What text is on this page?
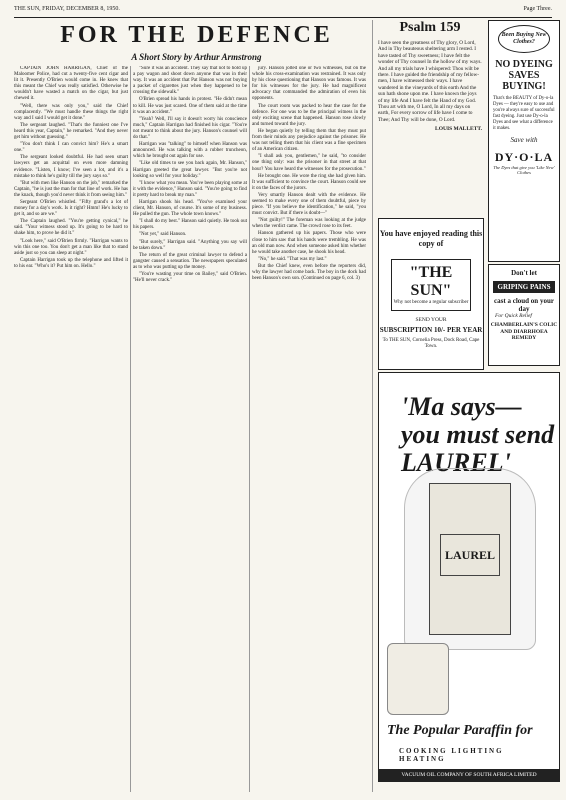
THE SUN, FRIDAY, DECEMBER 8, 1950.	Page Three.
FOR THE DEFENCE
A Short Story by Arthur Armstrong

CAPTAIN JOHN HARRIGAN, Chief of the Maloomer Police, had cut a twenty-five cent cigar and lit it. Presently O'Brien would come in. He knew that this meant the Chief was really satisfied. Otherwise he wouldn't have wasted a match on the cigar, but just chewed it.

"Well, there was only you," said the Chief complacently. "We must handle these things the right way and I said I would get it done."

The sergeant laughed. "That's the funniest one I've heard this year, Captain," he remarked. "And they never get him without guessing."

"You don't think I can convict him? He's a smart one."

The sergeant looked doubtful. He had seen smart lawyers get an acquittal on even more damning evidence. "Listen, I know; I've seen a lot, and it's a mistake to think he's guilty till the jury says so."

"But with men like Hanson on the job," remarked the Captain, "he is just the man for that line of work. He has the knack, though you'd never think it from seeing him."

Sergeant O'Brien whistled. "Fifty grand's a lot of money for a day's work. Is it right? Hmm! He's lucky to get it, and so are we."

The Captain laughed. "You're getting cynical," he said. "Your witness stood up. It's going to be hard to shake him, to prove he did it."

"Look here," said O'Brien firmly. "Harrigan wants to win this one too. You don't get a man like that to stand aside just so you can sleep at night."

Captain Harrigan took up the telephone and lifted it to his ear. "Who's it? Put him on. Hello."

"Sure it was an accident. They say that not to hold up a pay wagon and shoot down anyone that was in their way. It was an accident that Pat Hanson was not buying a packet of cigarettes just when they happened to be crossing the sidewalk."

O'Brien spread his hands in protest. "He didn't mean to kill. He was just scared. One of them said at the time it was an accident."

"Yeah? Well, I'll say it doesn't worry his conscience much," Captain Harrigan had finished his cigar. "You're not meant to think about the jury. Hanson's counsel will do that."

Harrigan was "talking" to himself when Hanson was announced. He was talking with a rubber truncheon, which he brought out again for use.

"Like old times to see you back again, Mr. Hanson," Harrigan greeted the great lawyer. "But you're not looking so well for your holiday."

"I know what you mean. You've been playing some at it with the evidence," Hanson said. "You're going to find it pretty hard to break my man."

Harrigan shook his head. "You've examined your client, Mr. Hanson, of course. It's some of my business. He pulled the gun. The whole town knows."

"I shall do my best." Hanson said quietly. He took out his papers.

"Not yet," said Hanson.

"But surely," Harrigan said. "Anything you say will be taken down."

The return of the great criminal lawyer to defend a gangster caused a sensation. The newspapers speculated as to who was putting up the money.

"You're wasting your time on Bailey," said O'Brien. "He'll never crack."

jury. Hanson jolted one or two witnesses, but on the whole his cross-examination was restrained. It was only by his close questioning that Hanson was famous. It was for his witnesses for the jury. He had magnificent advocacy that commanded the admiration of even his opponents.

The court room was packed to hear the case for the defence. For one was to be the principal witness in the only exciting scene that happened. Hanson rose slowly and turned toward the jury.

He began quietly by telling them that they must put from their minds any prejudice against the prisoner. He was not telling them that his client was a fine specimen of an American citizen.

"I shall ask you, gentlemen," he said, "to consider one thing only: was the prisoner in that street at that hour? You have heard the witnesses for the prosecution."

He brought one. He wore the ring she had given him. It was sufficient to convince the court. Hanson could see it on the faces of the jurors.

Very smartly Hanson dealt with the evidence. He seemed to make every one of them doubtful, piece by piece. "If you believe the identification," he said, "you must convict. But if there is doubt—"

"Not guilty!" The foreman was looking at the judge when the verdict came. The crowd rose to its feet.

Hanson gathered up his papers. Those who were close to him saw that his hands were trembling. He was an old man now. And when someone asked him whether he would take another case, he shook his head.

"No," he said. "That was my last."

But the Chief knew, even before the reporters did, why the lawyer had come back. The boy in the dock had been Hanson's own son. (Continued on page 6, col. 3)

Psalm 159
I have seen the greatness of Thy glory, O Lord, And in Thy beauteous sheltering arm I rested. I have tasted of Thy sweetness; I have felt the wonder of Thy counsel In the hollow of my ways. And all my trials have I whispered: Thou wilt be there. I have guided the friendship of my fellow-men, I have witnessed their ways. I have wandered in the vineyards of this earth And the sun hath shone upon me. I have known the joys of my life And I have felt the Hand of my God. Thou art with me, O Lord, In all my days on earth, For every sorrow of life have I come to Thee; And Thy will be done, O Lord.
LOUIS MALLETT.
Been Buying New Clothes?
NO DYEING SAVES BUYING!
That's the BEAUTY of Dy-o-la Dyes — they're easy to use and you're always sure of successful fast dyeing. Just use Dy-o-la Dyes and see what a difference it makes.
Save with
DY·O·LA
The Dyes that give you 'Like New' Clothes
You have enjoyed reading this copy of
"THE SUN"
Why not become a regular subscriber
SEND YOUR
SUBSCRIPTION 10/- PER YEAR
To THE SUN, Cornelia Press, Dock Road, Cape Town.
Don't let
GRIPING PAINS
cast a cloud on your day
For Quick Relief
CHAMBERLAIN'S COLIC AND DIARRHOEA REMEDY
'Ma says— you must send LAUREL'
LAUREL
The Popular Paraffin for
COOKING LIGHTING HEATING
VACUUM OIL COMPANY OF SOUTH AFRICA LIMITED
